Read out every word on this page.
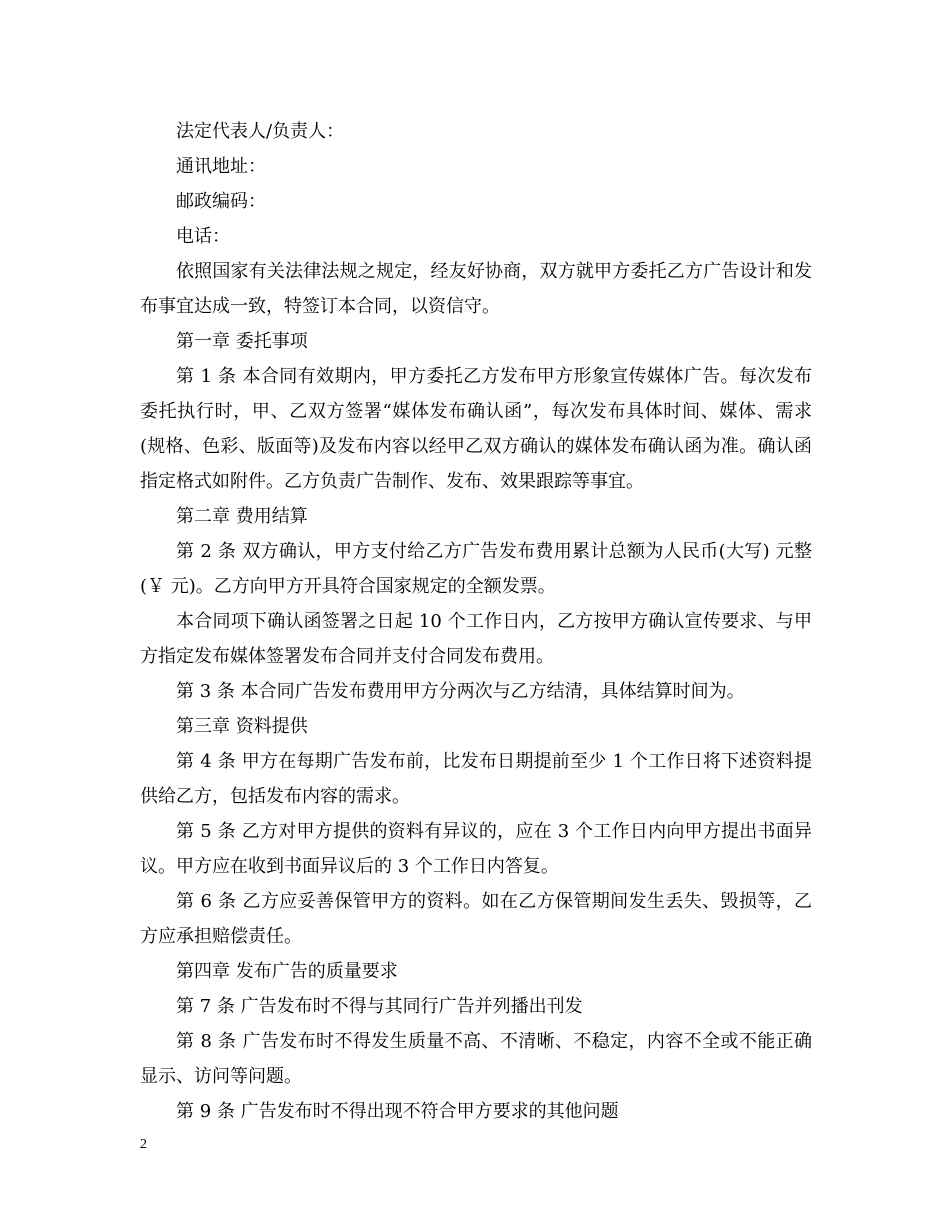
法定代表人/负责人：

通讯地址：

邮政编码：

电话：

依照国家有关法律法规之规定，经友好协商，双方就甲方委托乙方广告设计和发布事宜达成一致，特签订本合同，以资信守。

第一章 委托事项

第 1 条 本合同有效期内，甲方委托乙方发布甲方形象宣传媒体广告。每次发布委托执行时，甲、乙双方签署“媒体发布确认函”，每次发布具体时间、媒体、需求(规格、色彩、版面等)及发布内容以经甲乙双方确认的媒体发布确认函为准。确认函指定格式如附件。乙方负责广告制作、发布、效果跟踪等事宜。

第二章 费用结算

第 2 条 双方确认，甲方支付给乙方广告发布费用累计总额为人民币(大写) 元整(￥ 元)。乙方向甲方开具符合国家规定的全额发票。

本合同项下确认函签署之日起 10 个工作日内，乙方按甲方确认宣传要求、与甲方指定发布媒体签署发布合同并支付合同发布费用。

第 3 条 本合同广告发布费用甲方分两次与乙方结清，具体结算时间为。

第三章 资料提供

第 4 条 甲方在每期广告发布前，比发布日期提前至少 1 个工作日将下述资料提供给乙方，包括发布内容的需求。

第 5 条 乙方对甲方提供的资料有异议的，应在 3 个工作日内向甲方提出书面异议。甲方应在收到书面异议后的 3 个工作日内答复。

第 6 条 乙方应妥善保管甲方的资料。如在乙方保管期间发生丢失、毁损等，乙方应承担赔偿责任。

第四章 发布广告的质量要求

第 7 条 广告发布时不得与其同行广告并列播出刊发

第 8 条 广告发布时不得发生质量不高、不清晰、不稳定，内容不全或不能正确显示、访问等问题。

第 9 条 广告发布时不得出现不符合甲方要求的其他问题

2
